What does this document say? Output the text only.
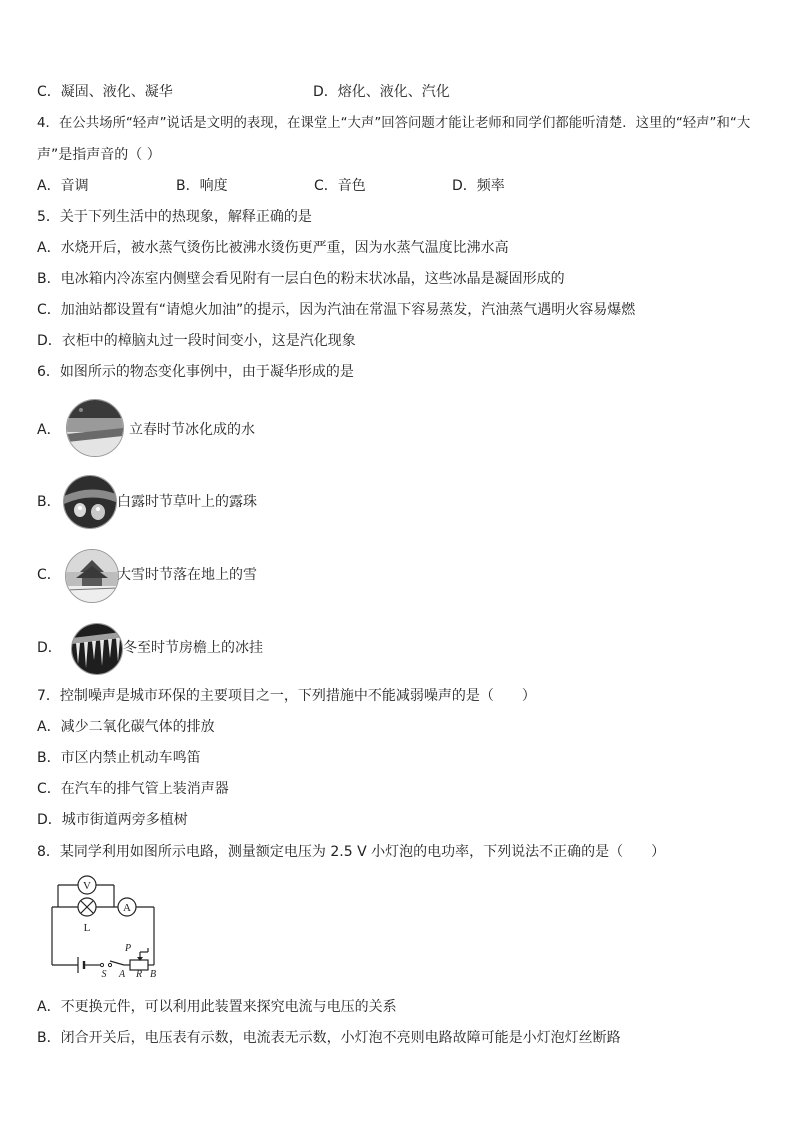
C．凝固、液化、凝华	D．熔化、液化、汽化
4．在公共场所“轻声”说话是文明的表现，在课堂上“大声”回答问题才能让老师和同学们都能听清楚．这里的“轻声”和“大
声”是指声音的（ ）
A．音调	B．响度	C．音色	D．频率
5．关于下列生活中的热现象，解释正确的是
A．水烧开后，被水蒸气烫伤比被沸水烫伤更严重，因为水蒸气温度比沸水高
B．电冰箱内冷冻室内侧壁会看见附有一层白色的粉末状冰晶，这些冰晶是凝固形成的
C．加油站都设置有“请熄火加油”的提示，因为汽油在常温下容易蒸发，汽油蒸气遇明火容易爆燃
D．衣柜中的樟脑丸过一段时间变小，这是汽化现象
6．如图所示的物态变化事例中，由于凝华形成的是
A．	立春时节冰化成的水
B．	白露时节草叶上的露珠
C．	大雪时节落在地上的雪
D．	冬至时节房檐上的冰挂
7．控制噪声是城市环保的主要项目之一，下列措施中不能减弱噪声的是（　　）
A．减少二氧化碳气体的排放
B．市区内禁止机动车鸣笛
C．在汽车的排气管上装消声器
D．城市街道两旁多植树
8．某同学利用如图所示电路，测量额定电压为 2.5 V 小灯泡的电功率，下列说法不正确的是（　　）
V
L
A
S
P
A R B
A．不更换元件，可以利用此装置来探究电流与电压的关系
B．闭合开关后，电压表有示数，电流表无示数，小灯泡不亮则电路故障可能是小灯泡灯丝断路
